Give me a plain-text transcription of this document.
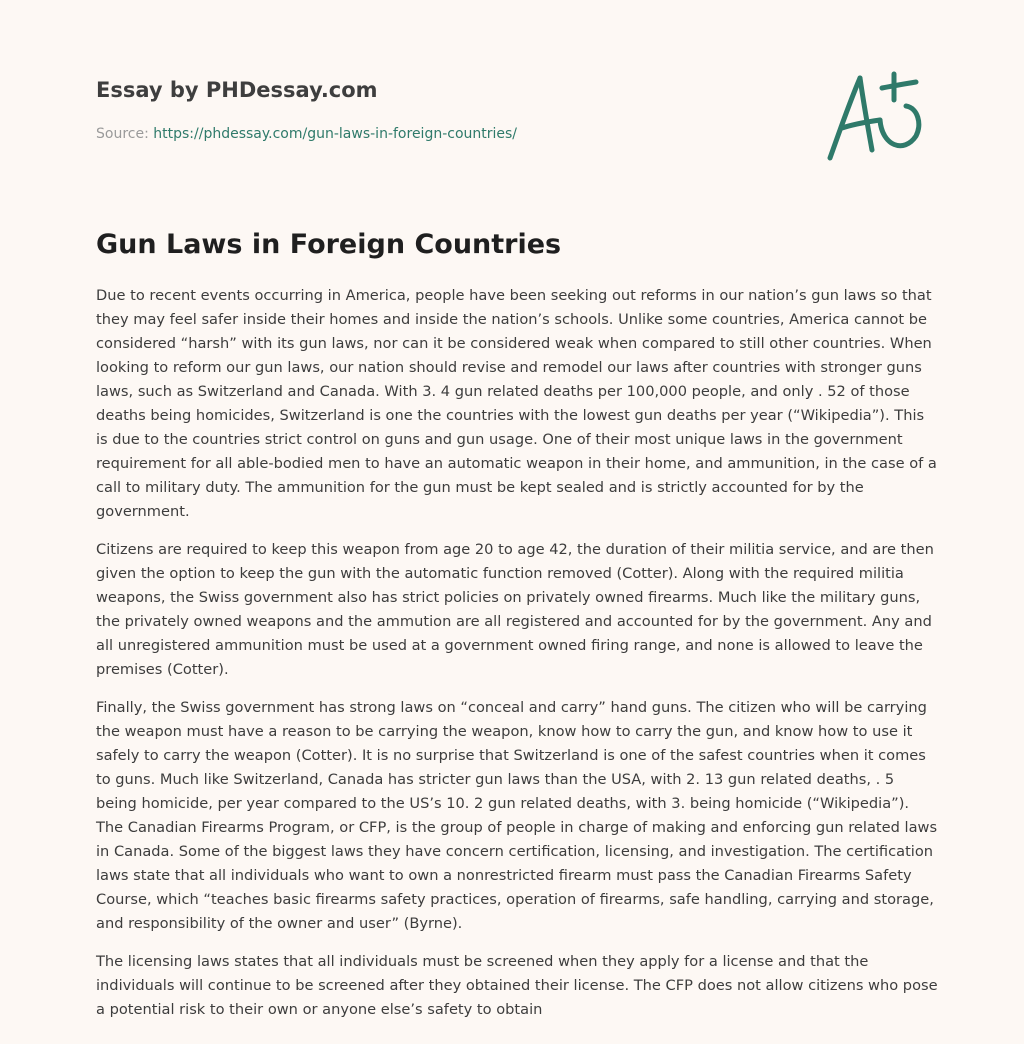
Essay by PHDessay.com
Source: https://phdessay.com/gun-laws-in-foreign-countries/
Gun Laws in Foreign Countries

Due to recent events occurring in America, people have been seeking out reforms in our nation’s gun laws so that they may feel safer inside their homes and inside the nation’s schools. Unlike some countries, America cannot be considered “harsh” with its gun laws, nor can it be considered weak when compared to still other countries. When looking to reform our gun laws, our nation should revise and remodel our laws after countries with stronger guns laws, such as Switzerland and Canada. With 3. 4 gun related deaths per 100,000 people, and only . 52 of those deaths being homicides, Switzerland is one the countries with the lowest gun deaths per year (“Wikipedia”). This is due to the countries strict control on guns and gun usage. One of their most unique laws in the government requirement for all able-bodied men to have an automatic weapon in their home, and ammunition, in the case of a call to military duty. The ammunition for the gun must be kept sealed and is strictly accounted for by the government.

Citizens are required to keep this weapon from age 20 to age 42, the duration of their militia service, and are then given the option to keep the gun with the automatic function removed (Cotter). Along with the required militia weapons, the Swiss government also has strict policies on privately owned firearms. Much like the military guns, the privately owned weapons and the ammution are all registered and accounted for by the government. Any and all unregistered ammunition must be used at a government owned firing range, and none is allowed to leave the premises (Cotter).

Finally, the Swiss government has strong laws on “conceal and carry” hand guns. The citizen who will be carrying the weapon must have a reason to be carrying the weapon, know how to carry the gun, and know how to use it safely to carry the weapon (Cotter). It is no surprise that Switzerland is one of the safest countries when it comes to guns. Much like Switzerland, Canada has stricter gun laws than the USA, with 2. 13 gun related deaths, . 5 being homicide, per year compared to the US’s 10. 2 gun related deaths, with 3. being homicide (“Wikipedia”). The Canadian Firearms Program, or CFP, is the group of people in charge of making and enforcing gun related laws in Canada. Some of the biggest laws they have concern certification, licensing, and investigation. The certification laws state that all individuals who want to own a nonrestricted firearm must pass the Canadian Firearms Safety Course, which “teaches basic firearms safety practices, operation of firearms, safe handling, carrying and storage, and responsibility of the owner and user” (Byrne).

The licensing laws states that all individuals must be screened when they apply for a license and that the individuals will continue to be screened after they obtained their license. The CFP does not allow citizens who pose a potential risk to their own or anyone else’s safety to obtain
